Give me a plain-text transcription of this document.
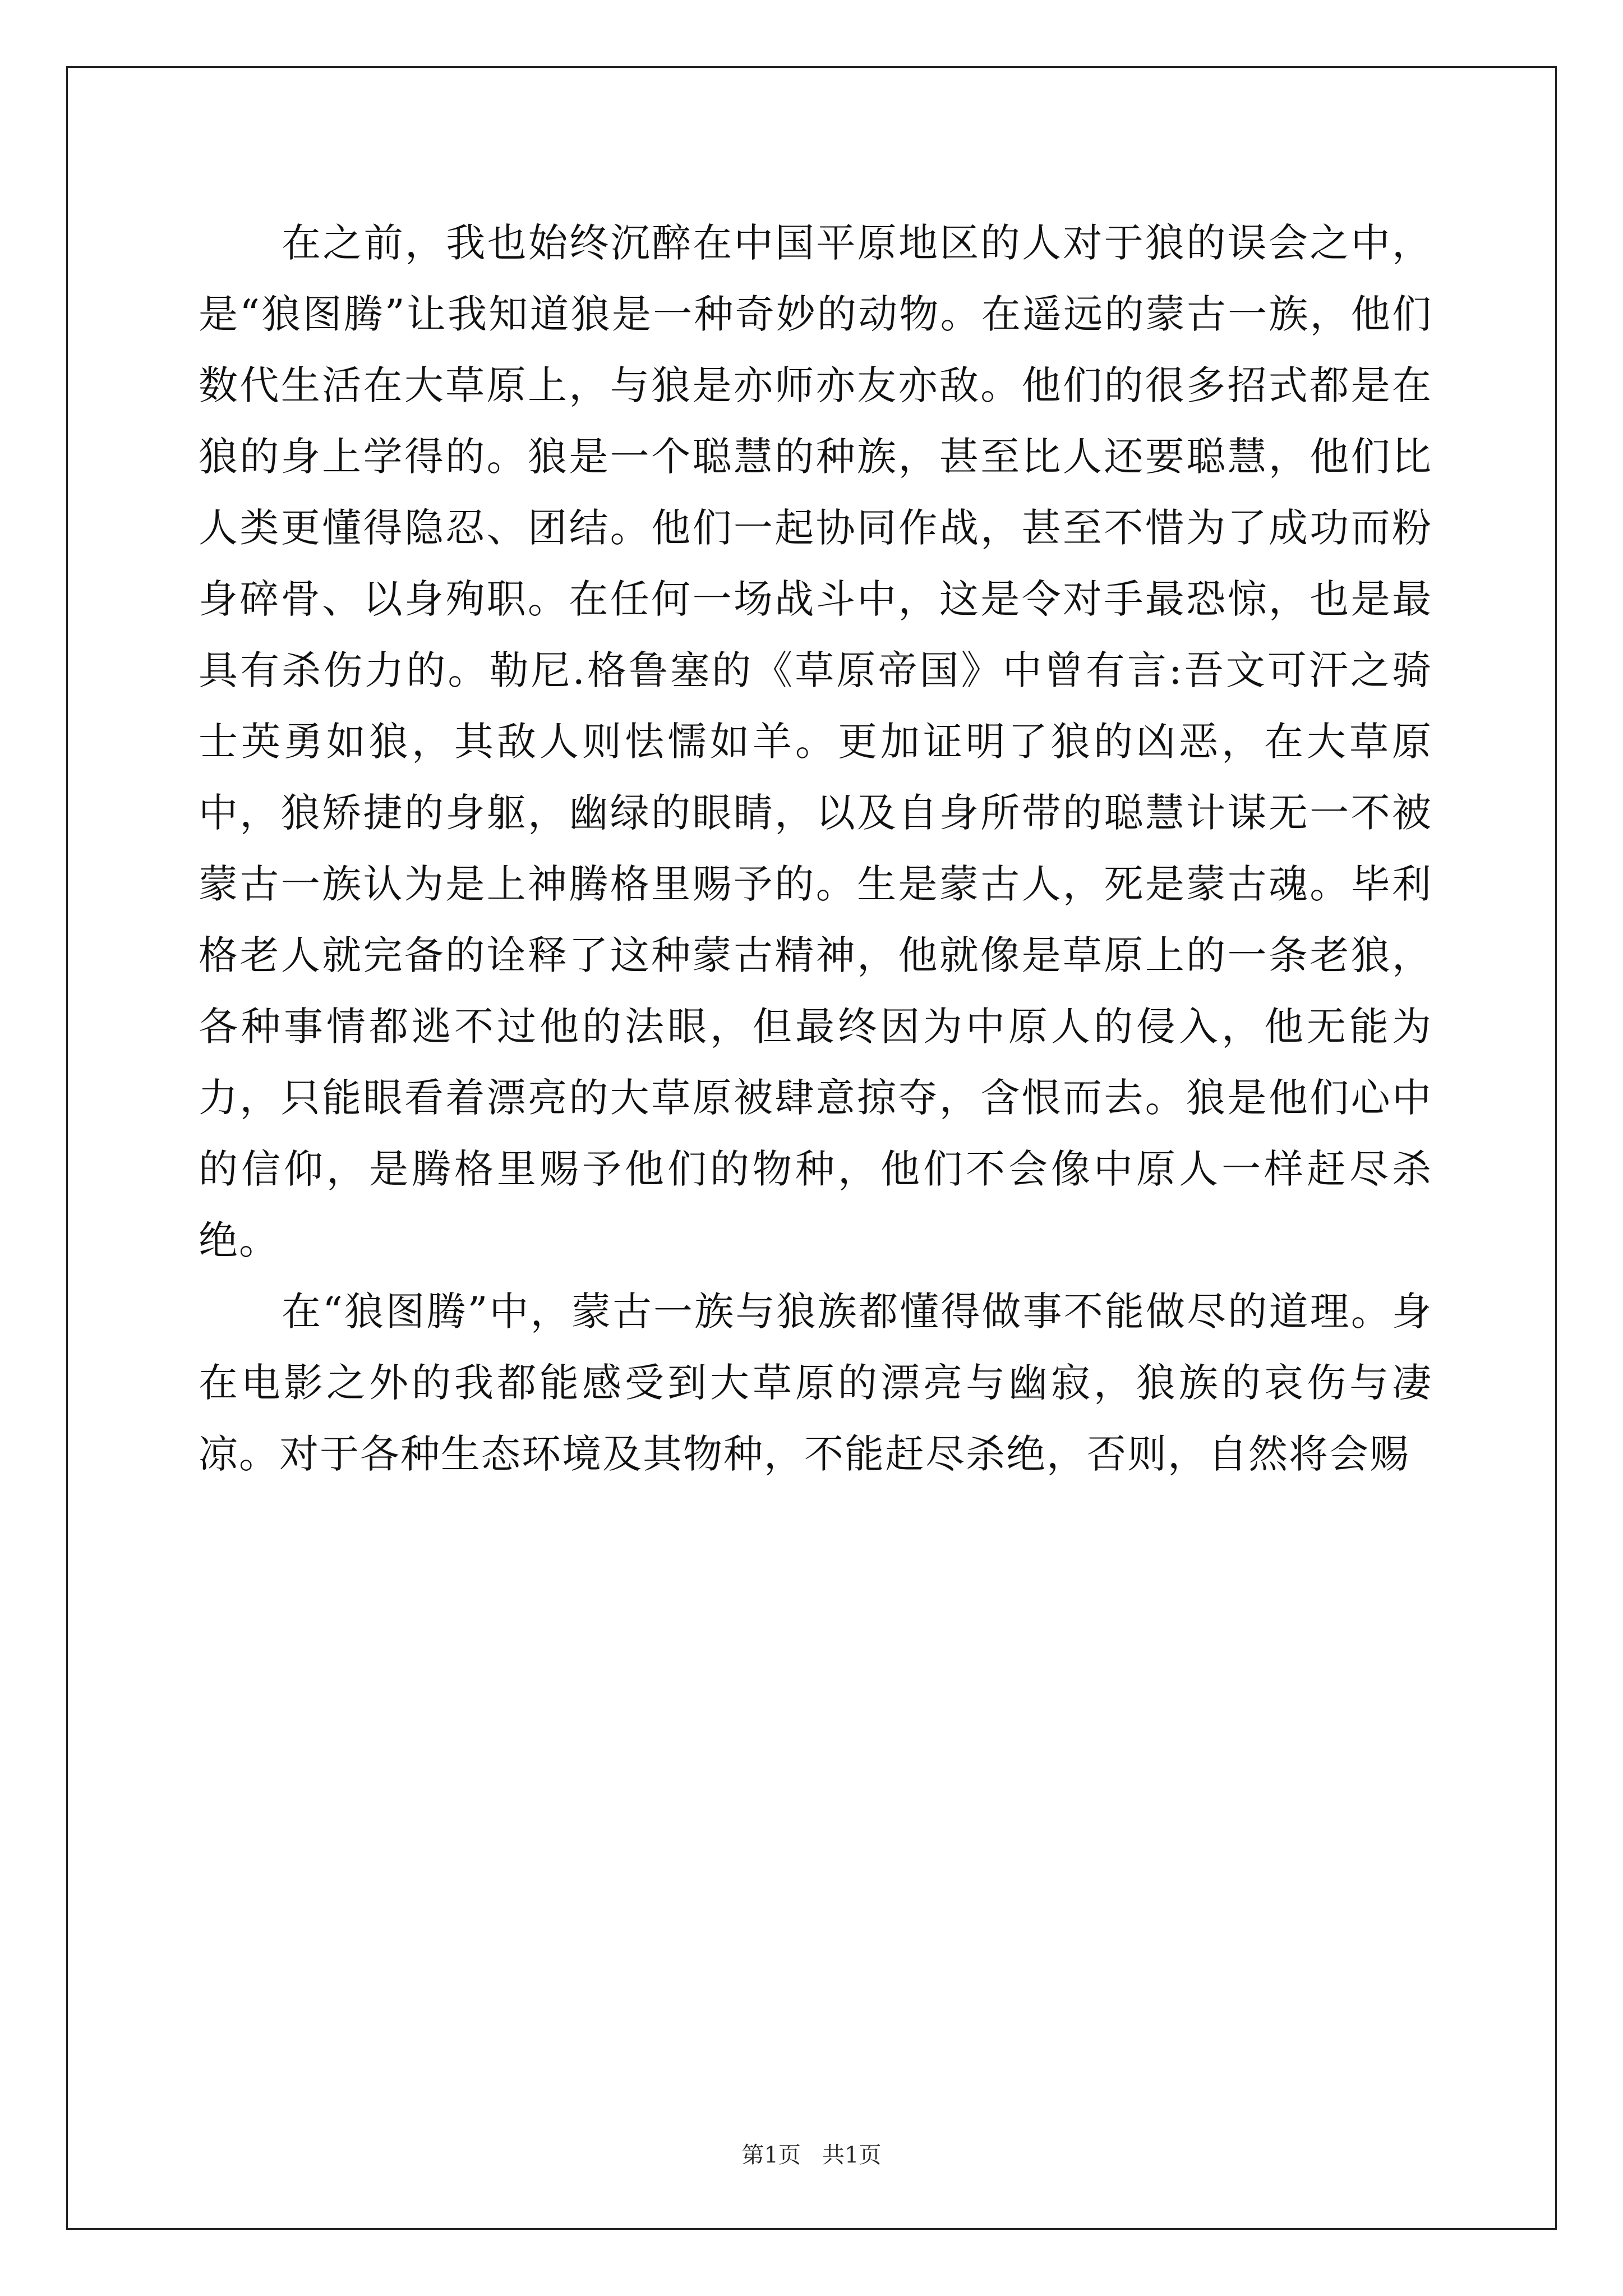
在之前，我也始终沉醉在中国平原地区的人对于狼的误会之中，是“狼图腾”让我知道狼是一种奇妙的动物。在遥远的蒙古一族，他们数代生活在大草原上，与狼是亦师亦友亦敌。他们的很多招式都是在狼的身上学得的。狼是一个聪慧的种族，甚至比人还要聪慧，他们比人类更懂得隐忍、团结。他们一起协同作战，甚至不惜为了成功而粉身碎骨、以身殉职。在任何一场战斗中，这是令对手最恐惊，也是最具有杀伤力的。勒尼.格鲁塞的《草原帝国》中曾有言:吾文可汗之骑士英勇如狼，其敌人则怯懦如羊。更加证明了狼的凶恶，在大草原中，狼矫捷的身躯，幽绿的眼睛，以及自身所带的聪慧计谋无一不被蒙古一族认为是上神腾格里赐予的。生是蒙古人，死是蒙古魂。毕利格老人就完备的诠释了这种蒙古精神，他就像是草原上的一条老狼，各种事情都逃不过他的法眼，但最终因为中原人的侵入，他无能为力，只能眼看着漂亮的大草原被肆意掠夺，含恨而去。狼是他们心中的信仰，是腾格里赐予他们的物种，他们不会像中原人一样赶尽杀绝。

在“狼图腾”中，蒙古一族与狼族都懂得做事不能做尽的道理。身在电影之外的我都能感受到大草原的漂亮与幽寂，狼族的哀伤与凄凉。对于各种生态环境及其物种，不能赶尽杀绝，否则，自然将会赐

第1页   共1页
